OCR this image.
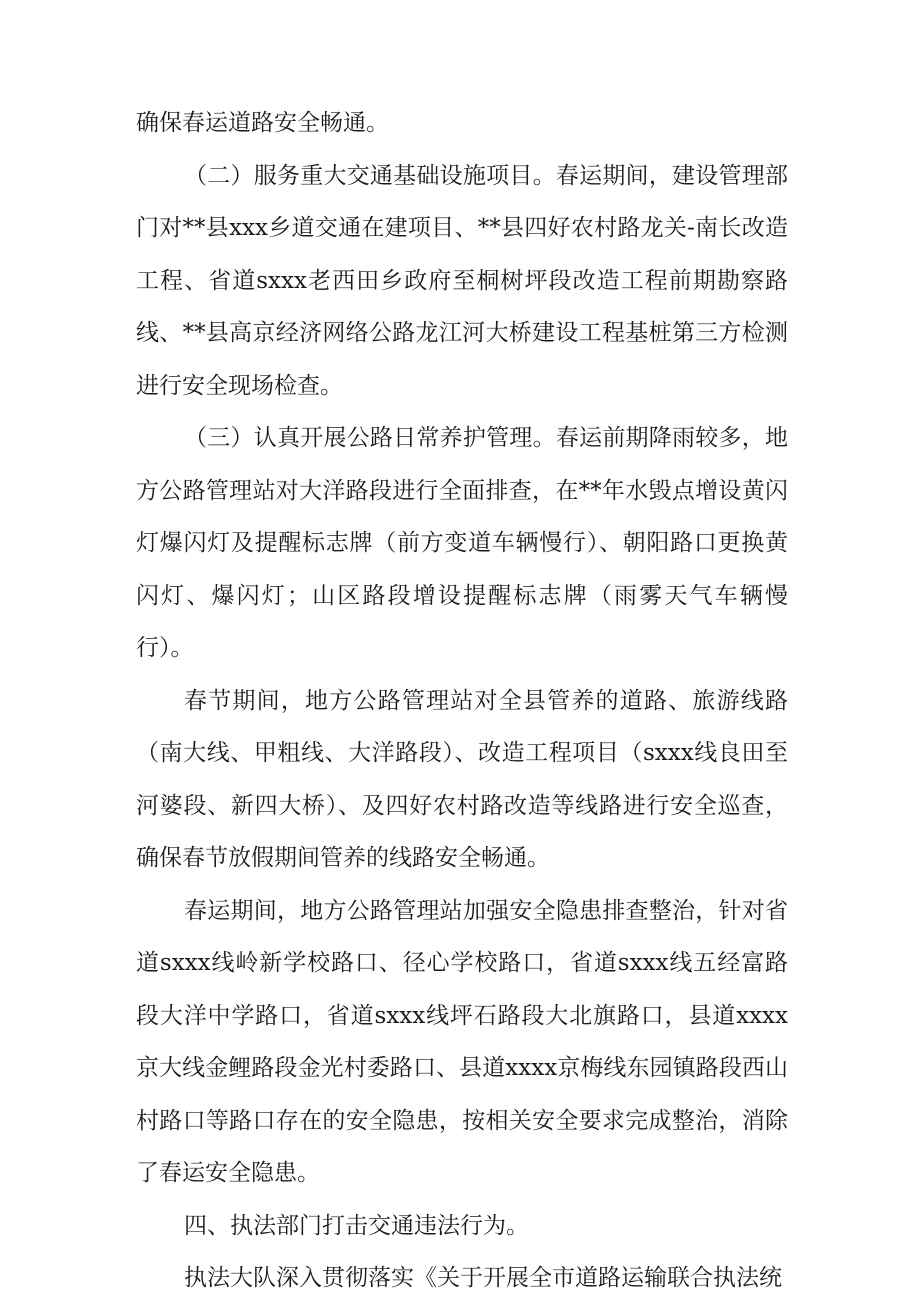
确保春运道路安全畅通。

（二）服务重大交通基础设施项目。春运期间，建设管理部门对**县xxx乡道交通在建项目、**县四好农村路龙关-南长改造工程、省道sxxx老西田乡政府至桐树坪段改造工程前期勘察路线、**县高京经济网络公路龙江河大桥建设工程基桩第三方检测进行安全现场检查。

（三）认真开展公路日常养护管理。春运前期降雨较多，地方公路管理站对大洋路段进行全面排查，在**年水毁点增设黄闪灯爆闪灯及提醒标志牌（前方变道车辆慢行）、朝阳路口更换黄闪灯、爆闪灯；山区路段增设提醒标志牌（雨雾天气车辆慢行）。

春节期间，地方公路管理站对全县管养的道路、旅游线路（南大线、甲粗线、大洋路段）、改造工程项目（sxxx线良田至河婆段、新四大桥）、及四好农村路改造等线路进行安全巡查，确保春节放假期间管养的线路安全畅通。

春运期间，地方公路管理站加强安全隐患排查整治，针对省道sxxx线岭新学校路口、径心学校路口，省道sxxx线五经富路段大洋中学路口，省道sxxx线坪石路段大北旗路口，县道xxxx京大线金鲤路段金光村委路口、县道xxxx京梅线东园镇路段西山村路口等路口存在的安全隐患，按相关安全要求完成整治，消除了春运安全隐患。

四、执法部门打击交通违法行为。

执法大队深入贯彻落实《关于开展全市道路运输联合执法统
